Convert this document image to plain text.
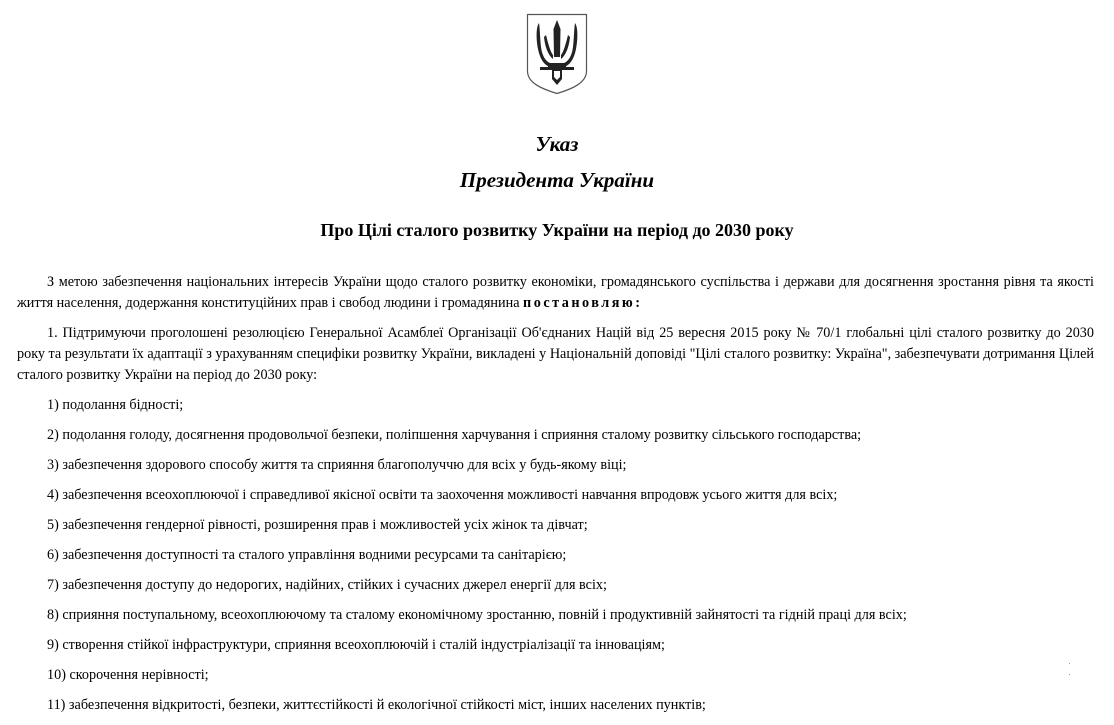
Указ
Президента України
Про Цілі сталого розвитку України на період до 2030 року

З метою забезпечення національних інтересів України щодо сталого розвитку економіки, громадянського суспільства і держави для досягнення зростання рівня та якості життя населення, додержання конституційних прав і свобод людини і громадянина постановляю:

1. Підтримуючи проголошені резолюцією Генеральної Асамблеї Організації Об'єднаних Націй від 25 вересня 2015 року № 70/1 глобальні цілі сталого розвитку до 2030 року та результати їх адаптації з урахуванням специфіки розвитку України, викладені у Національній доповіді "Цілі сталого розвитку: Україна", забезпечувати дотримання Цілей сталого розвитку України на період до 2030 року:

1) подолання бідності;
2) подолання голоду, досягнення продовольчої безпеки, поліпшення харчування і сприяння сталому розвитку сільського господарства;
3) забезпечення здорового способу життя та сприяння благополуччю для всіх у будь-якому віці;
4) забезпечення всеохоплюючої і справедливої якісної освіти та заохочення можливості навчання впродовж усього життя для всіх;
5) забезпечення гендерної рівності, розширення прав і можливостей усіх жінок та дівчат;
6) забезпечення доступності та сталого управління водними ресурсами та санітарією;
7) забезпечення доступу до недорогих, надійних, стійких і сучасних джерел енергії для всіх;
8) сприяння поступальному, всеохоплюючому та сталому економічному зростанню, повній і продуктивній зайнятості та гідній праці для всіх;
9) створення стійкої інфраструктури, сприяння всеохоплюючій і сталій індустріалізації та інноваціям;
10) скорочення нерівності;
11) забезпечення відкритості, безпеки, життєстійкості й екологічної стійкості міст, інших населених пунктів;
